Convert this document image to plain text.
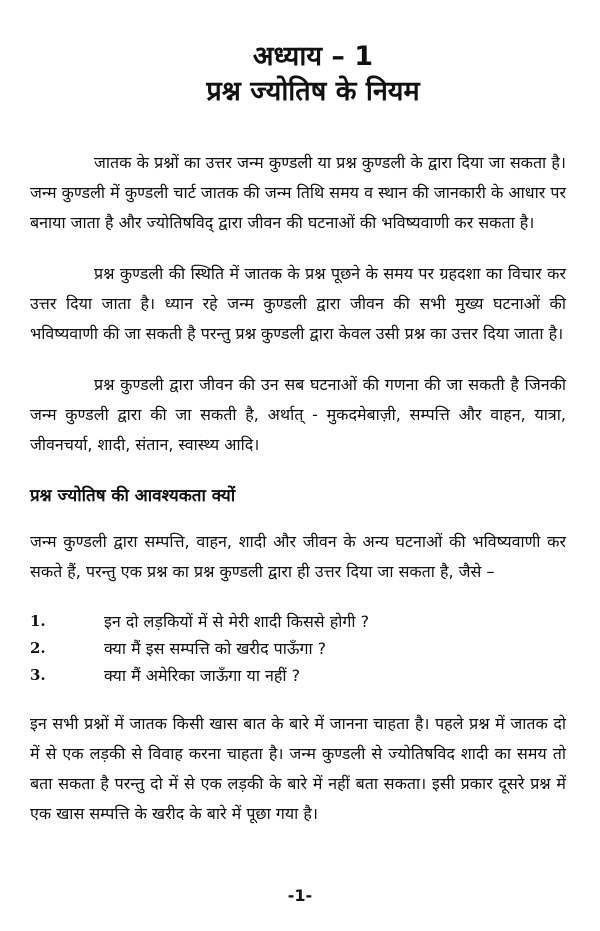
अध्याय – 1
प्रश्न ज्योतिष के नियम

जातक के प्रश्नों का उत्तर जन्म कुण्डली या प्रश्न कुण्डली के द्वारा दिया जा सकता है। जन्म कुण्डली में कुण्डली चार्ट जातक की जन्म तिथि समय व स्थान की जानकारी के आधार पर बनाया जाता है और ज्योतिषविद् द्वारा जीवन की घटनाओं की भविष्यवाणी कर सकता है।

प्रश्न कुण्डली की स्थिति में जातक के प्रश्न पूछने के समय पर ग्रहदशा का विचार कर उत्तर दिया जाता है। ध्यान रहे जन्म कुण्डली द्वारा जीवन की सभी मुख्य घटनाओं की भविष्यवाणी की जा सकती है परन्तु प्रश्न कुण्डली द्वारा केवल उसी प्रश्न का उत्तर दिया जाता है।

प्रश्न कुण्डली द्वारा जीवन की उन सब घटनाओं की गणना की जा सकती है जिनकी जन्म कुण्डली द्वारा की जा सकती है, अर्थात् - मुकदमेबाज़ी, सम्पत्ति और वाहन, यात्रा, जीवनचर्या, शादी, संतान, स्वास्थ्य आदि।

प्रश्न ज्योतिष की आवश्यकता क्यों

जन्म कुण्डली द्वारा सम्पत्ति, वाहन, शादी और जीवन के अन्य घटनाओं की भविष्यवाणी कर सकते हैं, परन्तु एक प्रश्न का प्रश्न कुण्डली द्वारा ही उत्तर दिया जा सकता है, जैसे –

1.	इन दो लड़कियों में से मेरी शादी किससे होगी ?
2.	क्या मैं इस सम्पत्ति को खरीद पाऊँगा ?
3.	क्या मैं अमेरिका जाऊँगा या नहीं ?

इन सभी प्रश्नों में जातक किसी खास बात के बारे में जानना चाहता है। पहले प्रश्न में जातक दो में से एक लड़की से विवाह करना चाहता है। जन्म कुण्डली से ज्योतिषविद शादी का समय तो बता सकता है परन्तु दो में से एक लड़की के बारे में नहीं बता सकता। इसी प्रकार दूसरे प्रश्न में एक खास सम्पत्ति के खरीद के बारे में पूछा गया है।

-1-
